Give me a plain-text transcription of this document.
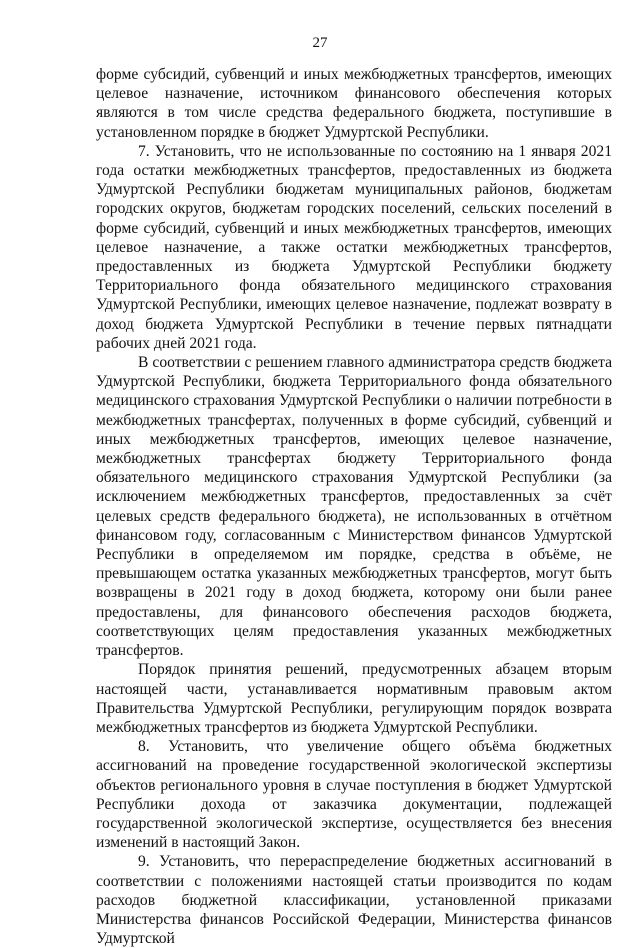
27

форме субсидий, субвенций и иных межбюджетных трансфертов, имеющих целевое назначение, источником финансового обеспечения которых являются в том числе средства федерального бюджета, поступившие в установленном порядке в бюджет Удмуртской Республики.

7. Установить, что не использованные по состоянию на 1 января 2021 года остатки межбюджетных трансфертов, предоставленных из бюджета Удмуртской Республики бюджетам муниципальных районов, бюджетам городских округов, бюджетам городских поселений, сельских поселений в форме субсидий, субвенций и иных межбюджетных трансфертов, имеющих целевое назначение, а также остатки межбюджетных трансфертов, предоставленных из бюджета Удмуртской Республики бюджету Территориального фонда обязательного медицинского страхования Удмуртской Республики, имеющих целевое назначение, подлежат возврату в доход бюджета Удмуртской Республики в течение первых пятнадцати рабочих дней 2021 года.

В соответствии с решением главного администратора средств бюджета Удмуртской Республики, бюджета Территориального фонда обязательного медицинского страхования Удмуртской Республики о наличии потребности в межбюджетных трансфертах, полученных в форме субсидий, субвенций и иных межбюджетных трансфертов, имеющих целевое назначение, межбюджетных трансфертах бюджету Территориального фонда обязательного медицинского страхования Удмуртской Республики (за исключением межбюджетных трансфертов, предоставленных за счёт целевых средств федерального бюджета), не использованных в отчётном финансовом году, согласованным с Министерством финансов Удмуртской Республики в определяемом им порядке, средства в объёме, не превышающем остатка указанных межбюджетных трансфертов, могут быть возвращены в 2021 году в доход бюджета, которому они были ранее предоставлены, для финансового обеспечения расходов бюджета, соответствующих целям предоставления указанных межбюджетных трансфертов.

Порядок принятия решений, предусмотренных абзацем вторым настоящей части, устанавливается нормативным правовым актом Правительства Удмуртской Республики, регулирующим порядок возврата межбюджетных трансфертов из бюджета Удмуртской Республики.

8. Установить, что увеличение общего объёма бюджетных ассигнований на проведение государственной экологической экспертизы объектов регионального уровня в случае поступления в бюджет Удмуртской Республики дохода от заказчика документации, подлежащей государственной экологической экспертизе, осуществляется без внесения изменений в настоящий Закон.

9. Установить, что перераспределение бюджетных ассигнований в соответствии с положениями настоящей статьи производится по кодам расходов бюджетной классификации, установленной приказами Министерства финансов Российской Федерации, Министерства финансов Удмуртской
